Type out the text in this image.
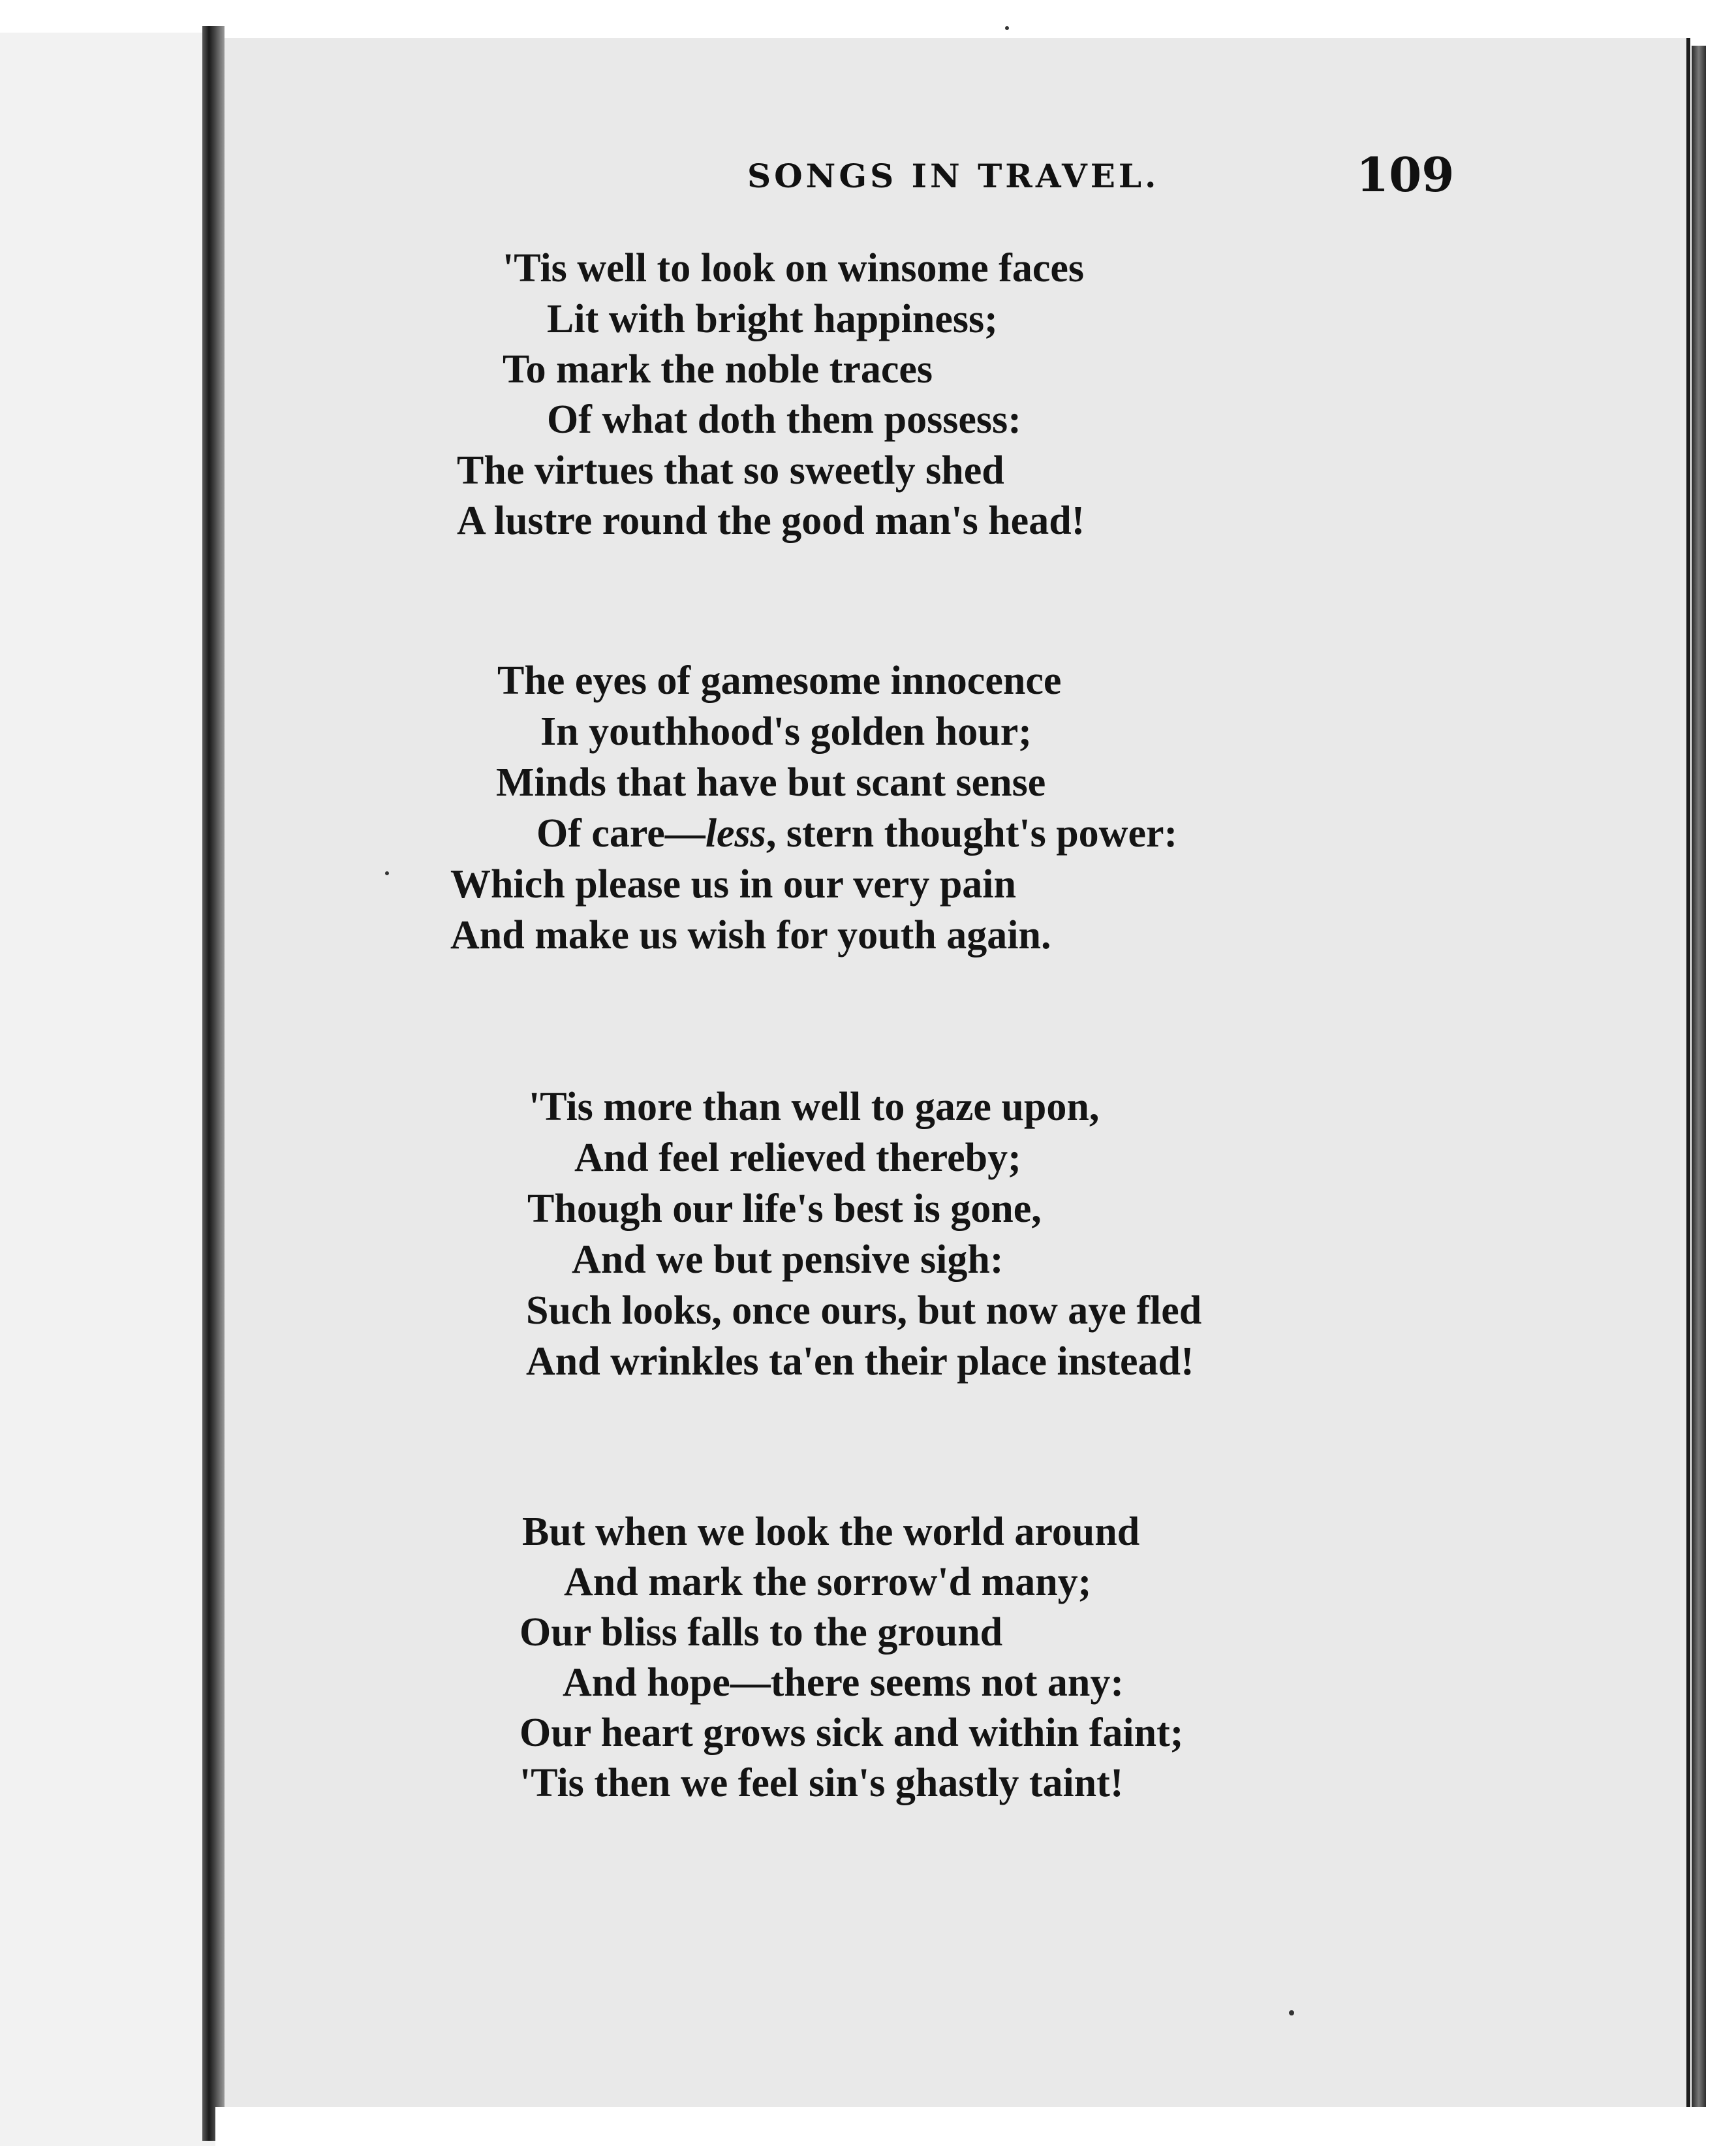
SONGS IN TRAVEL.	109
'Tis well to look on winsome faces
Lit with bright happiness;
To mark the noble traces
Of what doth them possess:
The virtues that so sweetly shed
A lustre round the good man's head!
The eyes of gamesome innocence
In youthhood's golden hour;
Minds that have but scant sense
Of care—less, stern thought's power:
Which please us in our very pain
And make us wish for youth again.
'Tis more than well to gaze upon,
And feel relieved thereby;
Though our life's best is gone,
And we but pensive sigh:
Such looks, once ours, but now aye fled
And wrinkles ta'en their place instead!
But when we look the world around
And mark the sorrow'd many;
Our bliss falls to the ground
And hope—there seems not any:
Our heart grows sick and within faint;
'Tis then we feel sin's ghastly taint!
